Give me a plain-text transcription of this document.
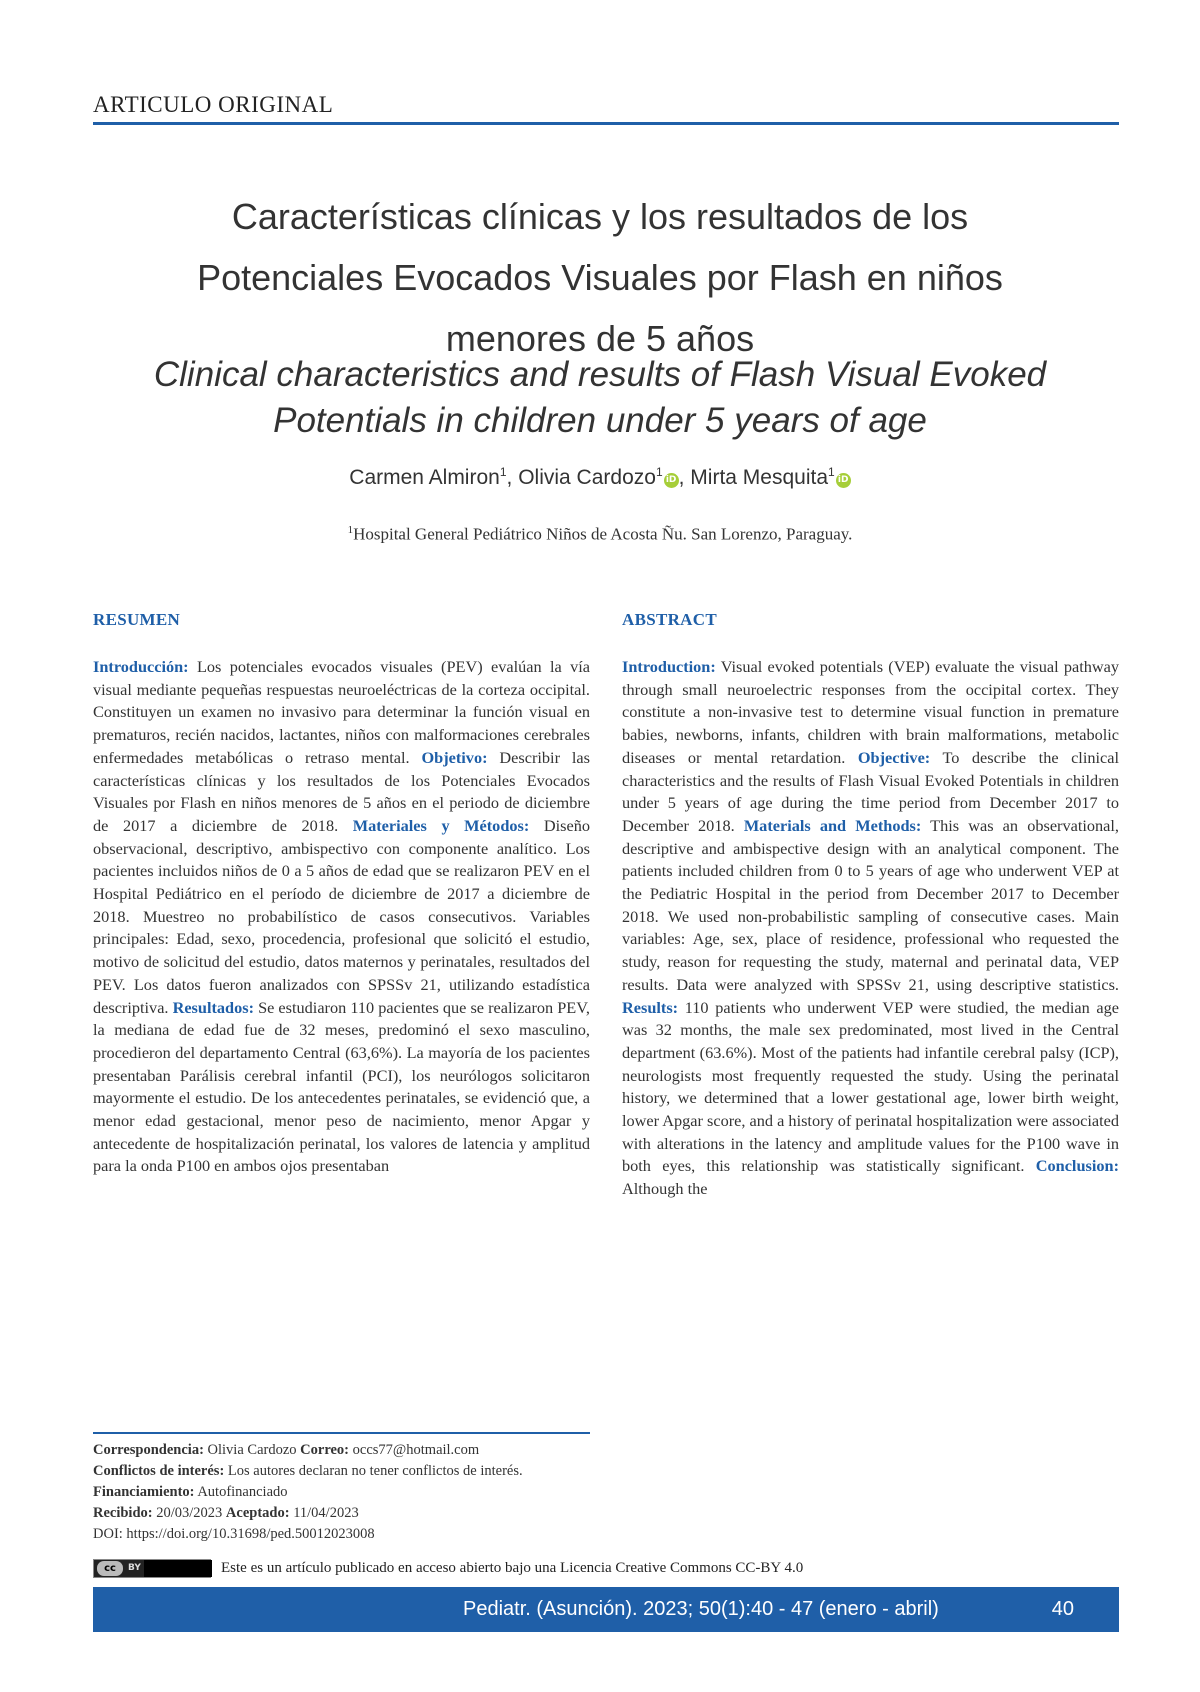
ARTICULO ORIGINAL
Características clínicas y los resultados de los
Potenciales Evocados Visuales por Flash en niños
menores de 5 años
Clinical characteristics and results of Flash Visual Evoked
Potentials in children under 5 years of age
Carmen Almiron$^1$, Olivia Cardozo$^1$iD , Mirta Mesquita$^1$iD
$^1$Hospital General Pediátrico Niños de Acosta Ñu. San Lorenzo, Paraguay.
RESUMEN	ABSTRACT

Introducción: Los potenciales evocados visuales (PEV) evalúan la vía visual mediante pequeñas respuestas neuroeléctricas de la corteza occipital. Constituyen un examen no invasivo para determinar la función visual en prematuros, recién nacidos, lactantes, niños con malformaciones cerebrales enfermedades metabólicas o retraso mental. Objetivo: Describir las características clínicas y los resultados de los Potenciales Evocados Visuales por Flash en niños menores de 5 años en el periodo de diciembre de 2017 a diciembre de 2018. Materiales y Métodos: Diseño observacional, descriptivo, ambispectivo con componente analítico. Los pacientes incluidos niños de 0 a 5 años de edad que se realizaron PEV en el Hospital Pediátrico en el período de diciembre de 2017 a diciembre de 2018. Muestreo no probabilístico de casos consecutivos. Variables principales: Edad, sexo, procedencia, profesional que solicitó el estudio, motivo de solicitud del estudio, datos maternos y perinatales, resultados del PEV. Los datos fueron analizados con SPSSv 21, utilizando estadística descriptiva. Resultados: Se estudiaron 110 pacientes que se realizaron PEV, la mediana de edad fue de 32 meses, predominó el sexo masculino, procedieron del departamento Central (63,6%). La mayoría de los pacientes presentaban Parálisis cerebral infantil (PCI), los neurólogos solicitaron mayormente el estudio. De los antecedentes perinatales, se evidenció que, a menor edad gestacional, menor peso de nacimiento, menor Apgar y antecedente de hospitalización perinatal, los valores de latencia y amplitud para la onda P100 en ambos ojos presentaban

Introduction: Visual evoked potentials (VEP) evaluate the visual pathway through small neuroelectric responses from the occipital cortex. They constitute a non-invasive test to determine visual function in premature babies, newborns, infants, children with brain malformations, metabolic diseases or mental retardation. Objective: To describe the clinical characteristics and the results of Flash Visual Evoked Potentials in children under 5 years of age during the time period from December 2017 to December 2018. Materials and Methods: This was an observational, descriptive and ambispective design with an analytical component. The patients included children from 0 to 5 years of age who underwent VEP at the Pediatric Hospital in the period from December 2017 to December 2018. We used non-probabilistic sampling of consecutive cases. Main variables: Age, sex, place of residence, professional who requested the study, reason for requesting the study, maternal and perinatal data, VEP results. Data were analyzed with SPSSv 21, using descriptive statistics. Results: 110 patients who underwent VEP were studied, the median age was 32 months, the male sex predominated, most lived in the Central department (63.6%). Most of the patients had infantile cerebral palsy (ICP), neurologists most frequently requested the study. Using the perinatal history, we determined that a lower gestational age, lower birth weight, lower Apgar score, and a history of perinatal hospitalization were associated with alterations in the latency and amplitude values for the P100 wave in both eyes, this relationship was statistically significant. Conclusion: Although the

Correspondencia: Olivia Cardozo Correo: occs77@hotmail.com
Conflictos de interés: Los autores declaran no tener conflictos de interés.
Financiamiento: Autofinanciado
Recibido: 20/03/2023 Aceptado: 11/04/2023
DOI: https://doi.org/10.31698/ped.50012023008
cc	BY	Este es un artículo publicado en acceso abierto bajo una Licencia Creative Commons CC-BY 4.0
Pediatr. (Asunción). 2023; 50(1):40 - 47 (enero - abril)	40
